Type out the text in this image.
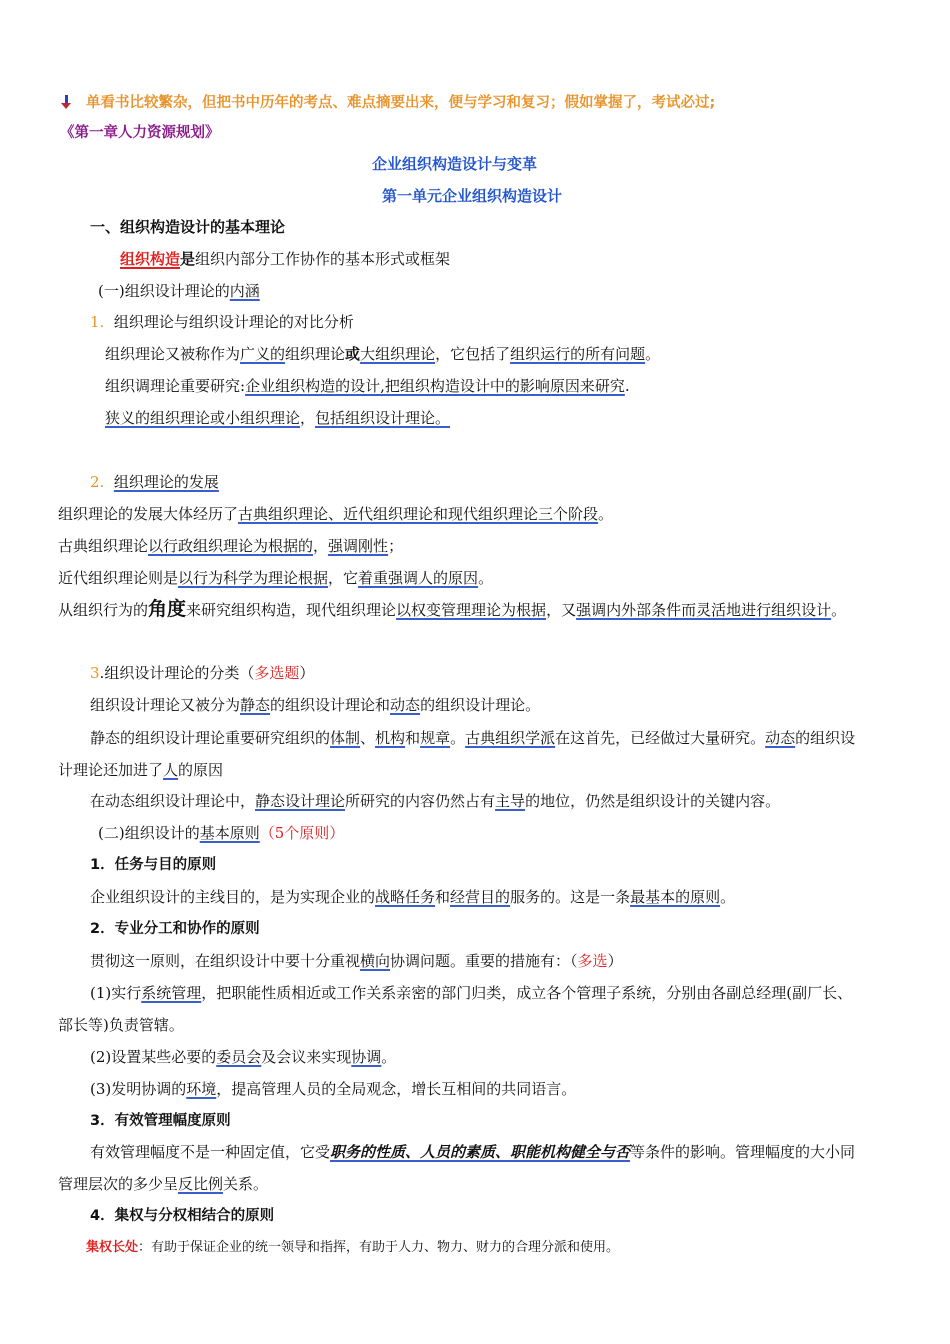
单看书比较繁杂，但把书中历年的考点、难点摘要出来，便与学习和复习；假如掌握了，考试必过;
《第一章人力资源规划》
企业组织构造设计与变革
第一单元企业组织构造设计
一、组织构造设计的基本理论
组织构造是组织内部分工作协作的基本形式或框架
(一)组织设计理论的内涵
1. 组织理论与组织设计理论的对比分析
组织理论又被称作为广义的组织理论或大组织理论，它包括了组织运行的所有问题。
组织调理论重要研究:企业组织构造的设计,把组织构造设计中的影响原因来研究.
狭义的组织理论或小组织理论，包括组织设计理论。
2. 组织理论的发展
组织理论的发展大体经历了古典组织理论、近代组织理论和现代组织理论三个阶段。
古典组织理论以行政组织理论为根据的，强调刚性；
近代组织理论则是以行为科学为理论根据，它着重强调人的原因。
从组织行为的角度来研究组织构造，现代组织理论以权变管理理论为根据，又强调内外部条件而灵活地进行组织设计。
3.组织设计理论的分类（多选题）
组织设计理论又被分为静态的组织设计理论和动态的组织设计理论。
静态的组织设计理论重要研究组织的体制、机构和规章。古典组织学派在这首先，已经做过大量研究。动态的组织设
计理论还加进了人的原因
在动态组织设计理论中，静态设计理论所研究的内容仍然占有主导的地位，仍然是组织设计的关键内容。
(二)组织设计的基本原则（5个原则）
1．任务与目的原则
企业组织设计的主线目的，是为实现企业的战略任务和经营目的服务的。这是一条最基本的原则。
2．专业分工和协作的原则
贯彻这一原则，在组织设计中要十分重视横向协调问题。重要的措施有：（多选）
(1)实行系统管理，把职能性质相近或工作关系亲密的部门归类，成立各个管理子系统，分别由各副总经理(副厂长、
部长等)负责管辖。
(2)设置某些必要的委员会及会议来实现协调。
(3)发明协调的环境，提高管理人员的全局观念，增长互相间的共同语言。
3．有效管理幅度原则
有效管理幅度不是一种固定值，它受职务的性质、人员的素质、职能机构健全与否等条件的影响。管理幅度的大小同
管理层次的多少呈反比例关系。
4．集权与分权相结合的原则
集权长处：有助于保证企业的统一领导和指挥，有助于人力、物力、财力的合理分派和使用。
